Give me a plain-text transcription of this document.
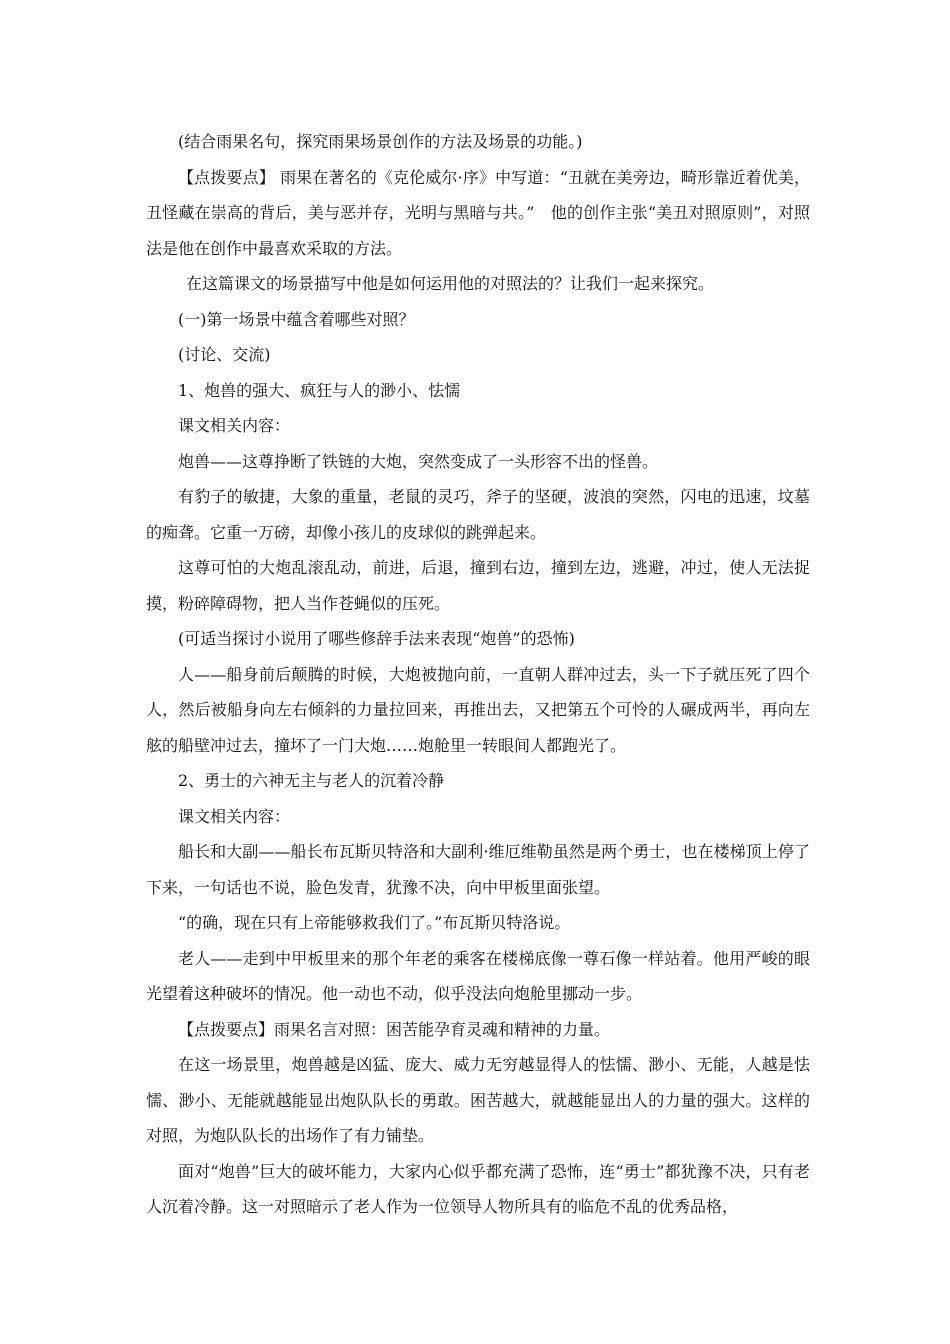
(结合雨果名句，探究雨果场景创作的方法及场景的功能。)

【点拨要点】 雨果在著名的《克伦威尔·序》中写道：“丑就在美旁边，畸形靠近着优美，丑怪藏在崇高的背后，美与恶并存，光明与黑暗与共。”　他的创作主张“美丑对照原则”，对照法是他在创作中最喜欢采取的方法。

在这篇课文的场景描写中他是如何运用他的对照法的？让我们一起来探究。

(一)第一场景中蕴含着哪些对照？

(讨论、交流)

1、炮兽的强大、疯狂与人的渺小、怯懦

课文相关内容：

炮兽——这尊挣断了铁链的大炮，突然变成了一头形容不出的怪兽。

有豹子的敏捷，大象的重量，老鼠的灵巧，斧子的坚硬，波浪的突然，闪电的迅速，坟墓的痴聋。它重一万磅，却像小孩儿的皮球似的跳弹起来。

这尊可怕的大炮乱滚乱动，前进，后退，撞到右边，撞到左边，逃避，冲过，使人无法捉摸，粉碎障碍物，把人当作苍蝇似的压死。

(可适当探讨小说用了哪些修辞手法来表现“炮兽”的恐怖)

人——船身前后颠腾的时候，大炮被抛向前，一直朝人群冲过去，头一下子就压死了四个人，然后被船身向左右倾斜的力量拉回来，再推出去，又把第五个可怜的人碾成两半，再向左舷的船壁冲过去，撞坏了一门大炮……炮舱里一转眼间人都跑光了。

2、勇士的六神无主与老人的沉着冷静

课文相关内容：

船长和大副——船长布瓦斯贝特洛和大副利·维厄维勒虽然是两个勇士，也在楼梯顶上停了下来，一句话也不说，脸色发青，犹豫不决，向中甲板里面张望。

“的确，现在只有上帝能够救我们了。”布瓦斯贝特洛说。

老人——走到中甲板里来的那个年老的乘客在楼梯底像一尊石像一样站着。他用严峻的眼光望着这种破坏的情况。他一动也不动，似乎没法向炮舱里挪动一步。

【点拨要点】雨果名言对照：困苦能孕育灵魂和精神的力量。

在这一场景里，炮兽越是凶猛、庞大、威力无穷越显得人的怯懦、渺小、无能，人越是怯懦、渺小、无能就越能显出炮队队长的勇敢。困苦越大，就越能显出人的力量的强大。这样的对照，为炮队队长的出场作了有力铺垫。

面对“炮兽”巨大的破坏能力，大家内心似乎都充满了恐怖，连“勇士”都犹豫不决，只有老人沉着冷静。这一对照暗示了老人作为一位领导人物所具有的临危不乱的优秀品格，
